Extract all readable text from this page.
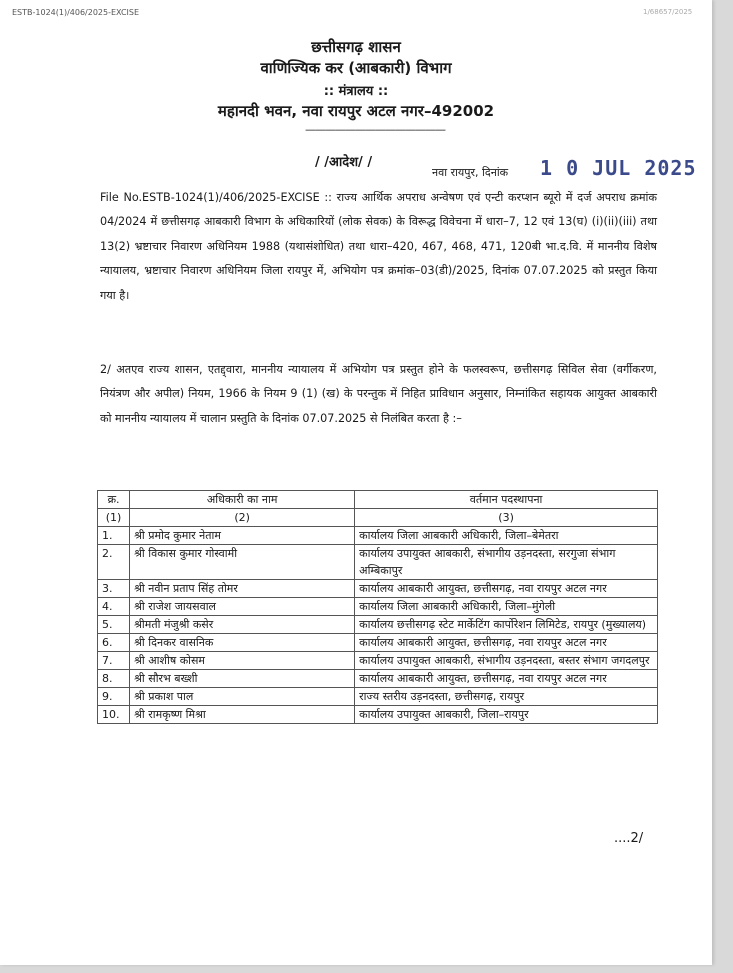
ESTB-1024(1)/406/2025-EXCISE	1/68657/2025
छत्तीसगढ़ शासन
वाणिज्यिक कर (आबकारी) विभाग
:: मंत्रालय ::
महानदी भवन, नवा रायपुर अटल नगर–492002
——————————————
/ /आदेश/ /
नवा रायपुर, दिनांक 1 0 JUL 2025
File No.ESTB-1024(1)/406/2025-EXCISE :: राज्य आर्थिक अपराध अन्वेषण एवं एन्टी करप्शन ब्यूरो में दर्ज अपराध क्रमांक 04/2024 में छत्तीसगढ़ आबकारी विभाग के अधिकारियों (लोक सेवक) के विरूद्ध विवेचना में धारा–7, 12 एवं 13(घ) (i)(ii)(iii) तथा 13(2) भ्रष्टाचार निवारण अधिनियम 1988 (यथासंशोधित) तथा धारा–420, 467, 468, 471, 120बी भा.द.वि. में माननीय विशेष न्यायालय, भ्रष्टाचार निवारण अधिनियम जिला रायपुर में, अभियोग पत्र क्रमांक–03(डी)/2025, दिनांक 07.07.2025 को प्रस्तुत किया गया है।
2/ अतएव राज्य शासन, एतद्द्वारा, माननीय न्यायालय में अभियोग पत्र प्रस्तुत होने के फलस्वरूप, छत्तीसगढ़ सिविल सेवा (वर्गीकरण, नियंत्रण और अपील) नियम, 1966 के नियम 9 (1) (ख) के परन्तुक में निहित प्राविधान अनुसार, निम्नांकित सहायक आयुक्त आबकारी को माननीय न्यायालय में चालान प्रस्तुति के दिनांक 07.07.2025 से निलंबित करता है :–
क्र.	अधिकारी का नाम	वर्तमान पदस्थापना
(1)	(2)	(3)
1.	श्री प्रमोद कुमार नेताम	कार्यालय जिला आबकारी अधिकारी, जिला–बेमेतरा
2.	श्री विकास कुमार गोस्वामी	कार्यालय उपायुक्त आबकारी, संभागीय उड़नदस्ता, सरगुजा संभाग अम्बिकापुर
3.	श्री नवीन प्रताप सिंह तोमर	कार्यालय आबकारी आयुक्त, छत्तीसगढ़, नवा रायपुर अटल नगर
4.	श्री राजेश जायसवाल	कार्यालय जिला आबकारी अधिकारी, जिला–मुंगेली
5.	श्रीमती मंजुश्री कसेर	कार्यालय छत्तीसगढ़ स्टेट मार्केटिंग कार्पोरेशन लिमिटेड, रायपुर (मुख्यालय)
6.	श्री दिनकर वासनिक	कार्यालय आबकारी आयुक्त, छत्तीसगढ़, नवा रायपुर अटल नगर
7.	श्री आशीष कोसम	कार्यालय उपायुक्त आबकारी, संभागीय उड़नदस्ता, बस्तर संभाग जगदलपुर
8.	श्री सौरभ बख्शी	कार्यालय आबकारी आयुक्त, छत्तीसगढ़, नवा रायपुर अटल नगर
9.	श्री प्रकाश पाल	राज्य स्तरीय उड़नदस्ता, छत्तीसगढ़, रायपुर
10.	श्री रामकृष्ण मिश्रा	कार्यालय उपायुक्त आबकारी, जिला–रायपुर
....2/
